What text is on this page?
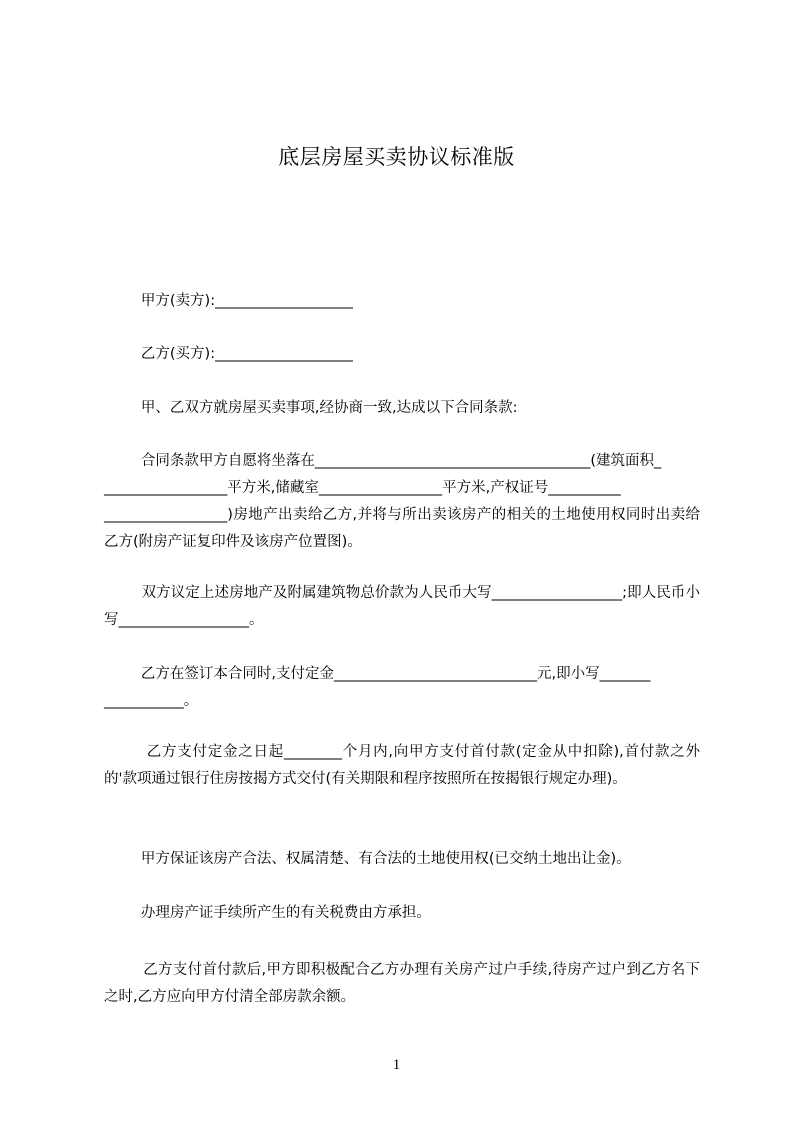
底层房屋买卖协议标准版
甲方(卖方):___________________
乙方(买方):___________________
甲、乙双方就房屋买卖事项,经协商一致,达成以下合同条款:
合同条款甲方自愿将坐落在______________________________________(建筑面积_
_________________平方米,储藏室_________________平方米,产权证号__________
_________________)房地产出卖给乙方,并将与所出卖该房产的相关的土地使用权同时出卖给乙方(附房产证复印件及该房产位置图)。
双方议定上述房地产及附属建筑物总价款为人民币大写__________________;即人民币小写__________________。
乙方在签订本合同时,支付定金____________________________元,即小写_______
___________。
乙方支付定金之日起________个月内,向甲方支付首付款(定金从中扣除),首付款之外的'款项通过银行住房按揭方式交付(有关期限和程序按照所在按揭银行规定办理)。
甲方保证该房产合法、权属清楚、有合法的土地使用权(已交纳土地出让金)。
办理房产证手续所产生的有关税费由方承担。
乙方支付首付款后,甲方即积极配合乙方办理有关房产过户手续,待房产过户到乙方名下之时,乙方应向甲方付清全部房款余额。
1
